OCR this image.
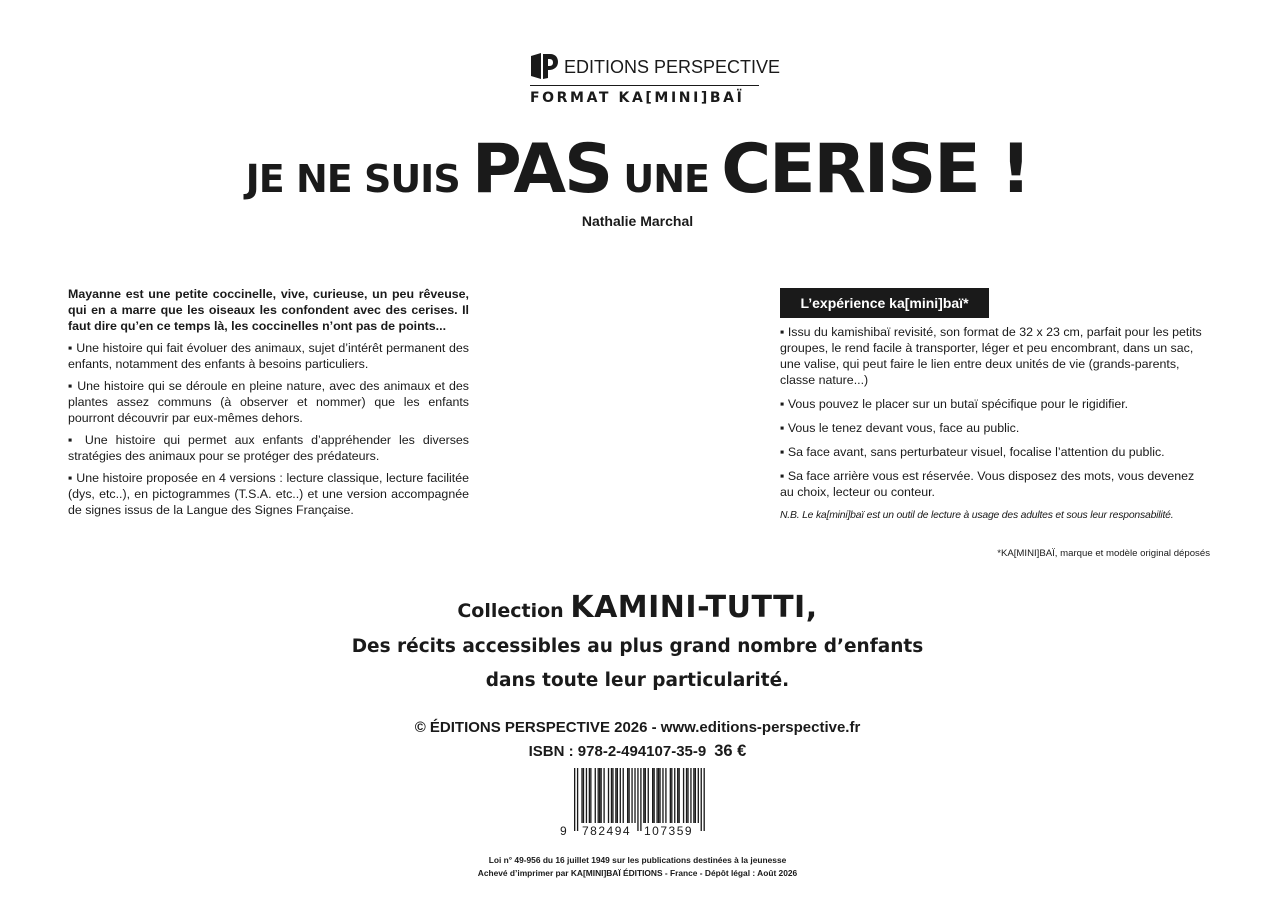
EDITIONS PERSPECTIVE
FORMAT KA[MINI]BAÏ
JE NE SUIS PAS UNE CERISE !
Nathalie Marchal

Mayanne est une petite coccinelle, vive, curieuse, un peu rêveuse, qui en a marre que les oiseaux les confondent avec des cerises. Il faut dire qu’en ce temps là, les coccinelles n’ont pas de points...

▪ Une histoire qui fait évoluer des animaux, sujet d’intérêt permanent des enfants, notamment des enfants à besoins particuliers.

▪ Une histoire qui se déroule en pleine nature, avec des animaux et des plantes assez communs (à observer et nommer) que les enfants pourront découvrir par eux-mêmes dehors.

▪ Une histoire qui permet aux enfants d’appréhender les diverses stratégies des animaux pour se protéger des prédateurs.

▪ Une histoire proposée en 4 versions : lecture classique, lecture facilitée (dys, etc..), en pictogrammes (T.S.A. etc..) et une version accompagnée de signes issus de la Langue des Signes Française.

L’expérience ka[mini]baï*

▪ Issu du kamishibaï revisité, son format de 32 x 23 cm, parfait pour les petits groupes, le rend facile à transporter, léger et peu encombrant, dans un sac, une valise, qui peut faire le lien entre deux unités de vie (grands-parents, classe nature...)

▪ Vous pouvez le placer sur un butaï spécifique pour le rigidifier.

▪ Vous le tenez devant vous, face au public.

▪ Sa face avant, sans perturbateur visuel, focalise l’attention du public.

▪ Sa face arrière vous est réservée. Vous disposez des mots, vous devenez au choix, lecteur ou conteur.

N.B. Le ka[mini]baï est un outil de lecture à usage des adultes et sous leur responsabilité.

*KA[MINI]BAÏ, marque et modèle original déposés
Collection KAMINI-TUTTI,
Des récits accessibles au plus grand nombre d’enfants
dans toute leur particularité.
© ÉDITIONS PERSPECTIVE 2026 - www.editions-perspective.fr
ISBN : 978-2-494107-35-9 36 €
9 782494 107359
Loi n° 49-956 du 16 juillet 1949 sur les publications destinées à la jeunesse
Achevé d’imprimer par KA[MINI]BAÏ ÉDITIONS - France - Dépôt légal : Août 2026
